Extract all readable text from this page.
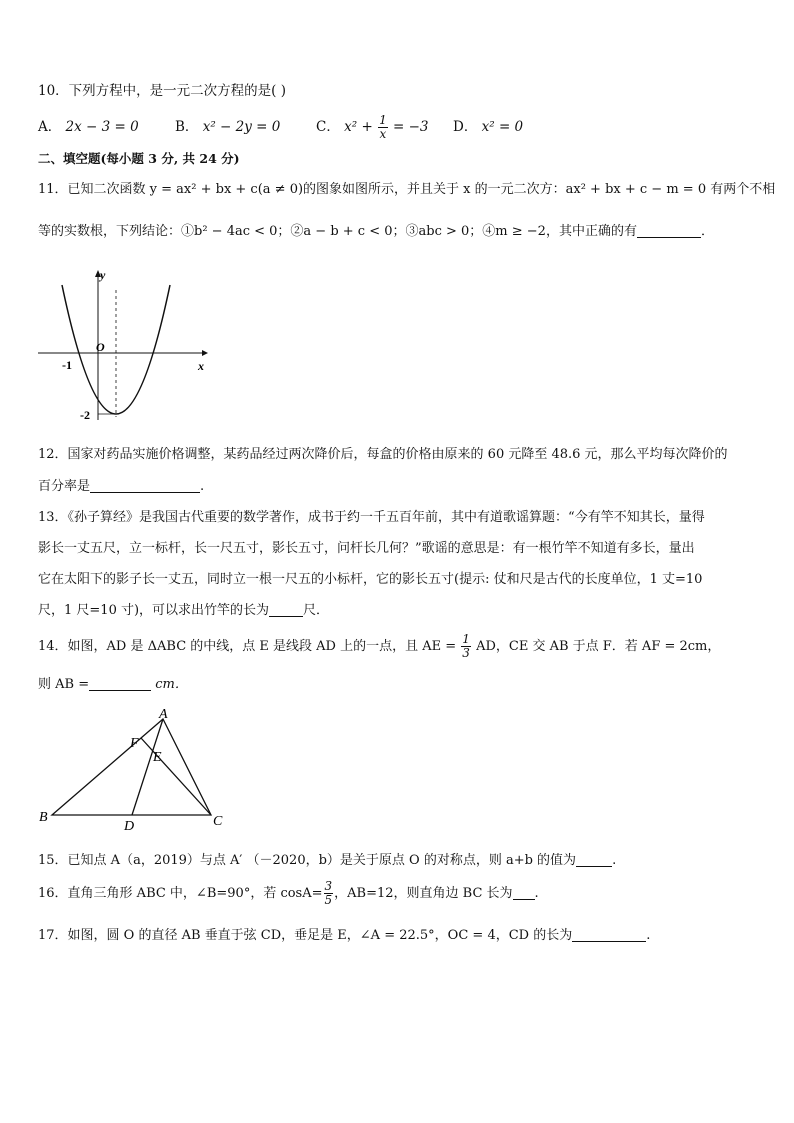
10．下列方程中，是一元二次方程的是( )
A． 2x − 3 = 0	B． x² − 2y = 0	C． $x^2 + \frac{1}{x} = -3$ D． x² = 0
二、填空题(每小题 3 分, 共 24 分)
11．已知二次函数 y = ax² + bx + c(a ≠ 0)的图象如图所示，并且关于 x 的一元二次方：ax² + bx + c − m = 0 有两个不相
等的实数根，下列结论：①b² − 4ac < 0；②a − b + c < 0；③abc > 0；④m ≥ −2，其中正确的有	．
y
x
O
-1
-2
12．国家对药品实施价格调整，某药品经过两次降价后，每盒的价格由原来的 60 元降至 48.6 元，那么平均每次降价的
百分率是	.
13．《孙子算经》是我国古代重要的数学著作，成书于约一千五百年前，其中有道歌谣算题：“今有竿不知其长，量得
影长一丈五尺，立一标杆，长一尺五寸，影长五寸，问杆长几何？”歌谣的意思是：有一根竹竿不知道有多长，量出
它在太阳下的影子长一丈五，同时立一根一尺五的小标杆，它的影长五寸(提示: 仗和尺是古代的长度单位，1 丈=10
尺，1 尺=10 寸)，可以求出竹竿的长为	尺．
14．如图，AD 是 ΔABC 的中线，点 E 是线段 AD 上的一点，且 AE = $\frac{1}{3}$ AD，CE 交 AB 于点 F．若 AF = 2cm，
则 AB =	cm．
A
B	C
D
E
F
15．已知点 A（a，2019）与点 A′ （－2020，b）是关于原点 O 的对称点，则 a+b 的值为	.
16．直角三角形 ABC 中，∠B=90°，若 $\cos A= \frac{3}{5}$ ，AB=12，则直角边 BC 长为 .
17．如图，圆 O 的直径 AB 垂直于弦 CD，垂足是 E，∠A = 22.5°，OC = 4，CD 的长为	.
